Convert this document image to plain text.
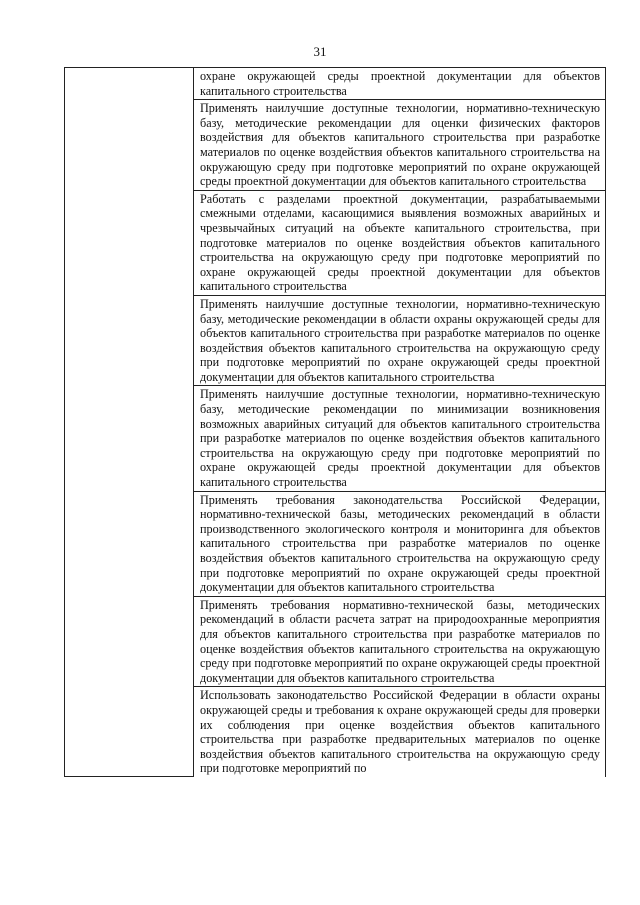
31

охране окружающей среды проектной документации для объектов капитального строительства

Применять наилучшие доступные технологии, нормативно-техническую базу, методические рекомендации для оценки физических факторов воздействия для объектов капитального строительства при разработке материалов по оценке воздействия объектов капитального строительства на окружающую среду при подготовке мероприятий по охране окружающей среды проектной документации для объектов капитального строительства

Работать с разделами проектной документации, разрабатываемыми смежными отделами, касающимися выявления возможных аварийных и чрезвычайных ситуаций на объекте капитального строительства, при подготовке материалов по оценке воздействия объектов капитального строительства на окружающую среду при подготовке мероприятий по охране окружающей среды проектной документации для объектов капитального строительства

Применять наилучшие доступные технологии, нормативно-техническую базу, методические рекомендации в области охраны окружающей среды для объектов капитального строительства при разработке материалов по оценке воздействия объектов капитального строительства на окружающую среду при подготовке мероприятий по охране окружающей среды проектной документации для объектов капитального строительства

Применять наилучшие доступные технологии, нормативно-техническую базу, методические рекомендации по минимизации возникновения возможных аварийных ситуаций для объектов капитального строительства при разработке материалов по оценке воздействия объектов капитального строительства на окружающую среду при подготовке мероприятий по охране окружающей среды проектной документации для объектов капитального строительства

Применять требования законодательства Российской Федерации, нормативно-технической базы, методических рекомендаций в области производственного экологического контроля и мониторинга для объектов капитального строительства при разработке материалов по оценке воздействия объектов капитального строительства на окружающую среду при подготовке мероприятий по охране окружающей среды проектной документации для объектов капитального строительства

Применять требования нормативно-технической базы, методических рекомендаций в области расчета затрат на природоохранные мероприятия для объектов капитального строительства при разработке материалов по оценке воздействия объектов капитального строительства на окружающую среду при подготовке мероприятий по охране окружающей среды проектной документации для объектов капитального строительства

Использовать законодательство Российской Федерации в области охраны окружающей среды и требования к охране окружающей среды для проверки их соблюдения при оценке воздействия объектов капитального строительства при разработке предварительных материалов по оценке воздействия объектов капитального строительства на окружающую среду при подготовке мероприятий по
